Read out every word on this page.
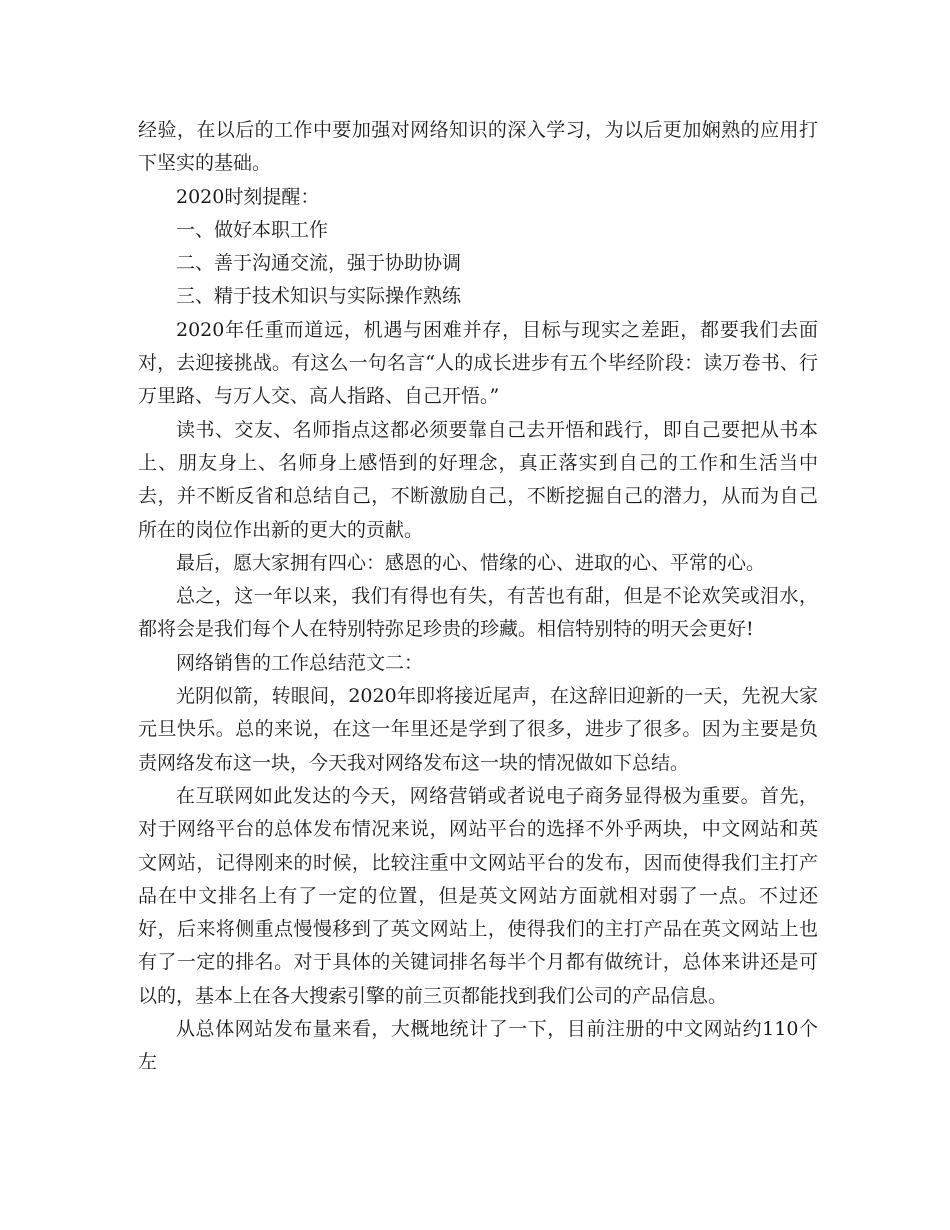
经验，在以后的工作中要加强对网络知识的深入学习，为以后更加娴熟的应用打下坚实的基础。

2020时刻提醒：

一、做好本职工作

二、善于沟通交流，强于协助协调

三、精于技术知识与实际操作熟练

2020年任重而道远，机遇与困难并存，目标与现实之差距，都要我们去面对，去迎接挑战。有这么一句名言“人的成长进步有五个毕经阶段：读万卷书、行万里路、与万人交、高人指路、自己开悟。”

读书、交友、名师指点这都必须要靠自己去开悟和践行，即自己要把从书本上、朋友身上、名师身上感悟到的好理念，真正落实到自己的工作和生活当中去，并不断反省和总结自己，不断激励自己，不断挖掘自己的潜力，从而为自己所在的岗位作出新的更大的贡献。

最后，愿大家拥有四心：感恩的心、惜缘的心、进取的心、平常的心。

总之，这一年以来，我们有得也有失，有苦也有甜，但是不论欢笑或泪水，都将会是我们每个人在特别特弥足珍贵的珍藏。相信特别特的明天会更好!

网络销售的工作总结范文二：

光阴似箭，转眼间，2020年即将接近尾声，在这辞旧迎新的一天，先祝大家元旦快乐。总的来说，在这一年里还是学到了很多，进步了很多。因为主要是负责网络发布这一块，今天我对网络发布这一块的情况做如下总结。

在互联网如此发达的今天，网络营销或者说电子商务显得极为重要。首先，对于网络平台的总体发布情况来说，网站平台的选择不外乎两块，中文网站和英文网站，记得刚来的时候，比较注重中文网站平台的发布，因而使得我们主打产品在中文排名上有了一定的位置，但是英文网站方面就相对弱了一点。不过还好，后来将侧重点慢慢移到了英文网站上，使得我们的主打产品在英文网站上也有了一定的排名。对于具体的关键词排名每半个月都有做统计，总体来讲还是可以的，基本上在各大搜索引擎的前三页都能找到我们公司的产品信息。

从总体网站发布量来看，大概地统计了一下，目前注册的中文网站约110个左
